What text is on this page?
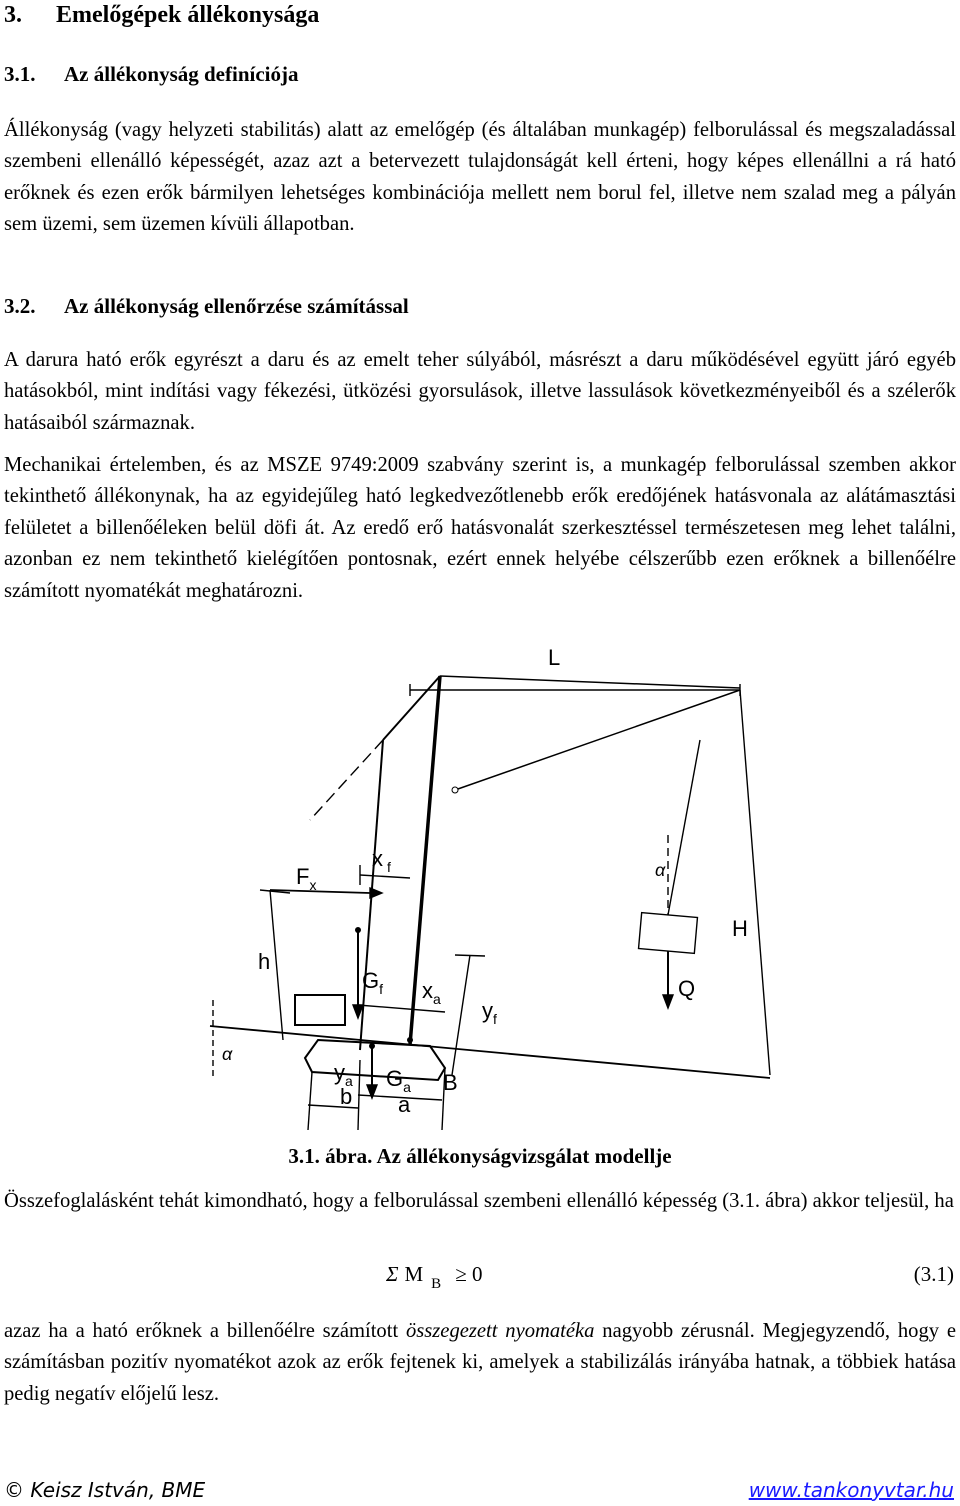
3. Emelőgépek állékonysága
3.1. Az állékonyság definíciója

Állékonyság (vagy helyzeti stabilitás) alatt az emelőgép (és általában munkagép) felborulással és megszaladással szembeni ellenálló képességét, azaz azt a betervezett tulajdonságát kell érteni, hogy képes ellenállni a rá ható erőknek és ezen erők bármilyen lehetséges kombinációja mellett nem borul fel, illetve nem szalad meg a pályán sem üzemi, sem üzemen kívüli állapotban.

3.2. Az állékonyság ellenőrzése számítással

A darura ható erők egyrészt a daru és az emelt teher súlyából, másrészt a daru működésével együtt járó egyéb hatásokból, mint indítási vagy fékezési, ütközési gyorsulások, illetve lassulások következményeiből és a szélerők hatásaiból származnak.

Mechanikai értelemben, és az MSZE 9749:2009 szabvány szerint is, a munkagép felborulással szemben akkor tekinthető állékonynak, ha az egyidejűleg ható legkedvezőtlenebb erők eredőjének hatásvonala az alátámasztási felületet a billenőéleken belül döfi át. Az eredő erő hatásvonalát szerkesztéssel természetesen meg lehet találni, azonban ez nem tekinthető kielégítően pontosnak, ezért ennek helyébe célszerűbb ezen erőknek a billenőélre számított nyomatékát meghatározni.

L
$F_x$
x $_f$	α
H
h
$G_f$ $x_a$	Q
$y_f$
α
$y_a$ $G_a$ B
b a
3.1. ábra. Az állékonyságvizsgálat modellje

Összefoglalásként tehát kimondható, hogy a felborulással szembeni ellenálló képesség (3.1. ábra) akkor teljesül, ha

Σ M $_B$ ≥ 0	(3.1)

azaz ha a ható erőknek a billenőélre számított összegezett nyomatéka nagyobb zérusnál. Megjegyzendő, hogy e számításban pozitív nyomatékot azok az erők fejtenek ki, amelyek a stabilizálás irányába hatnak, a többiek hatása pedig negatív előjelű lesz.

© Keisz István, BME	www.tankonyvtar.hu
